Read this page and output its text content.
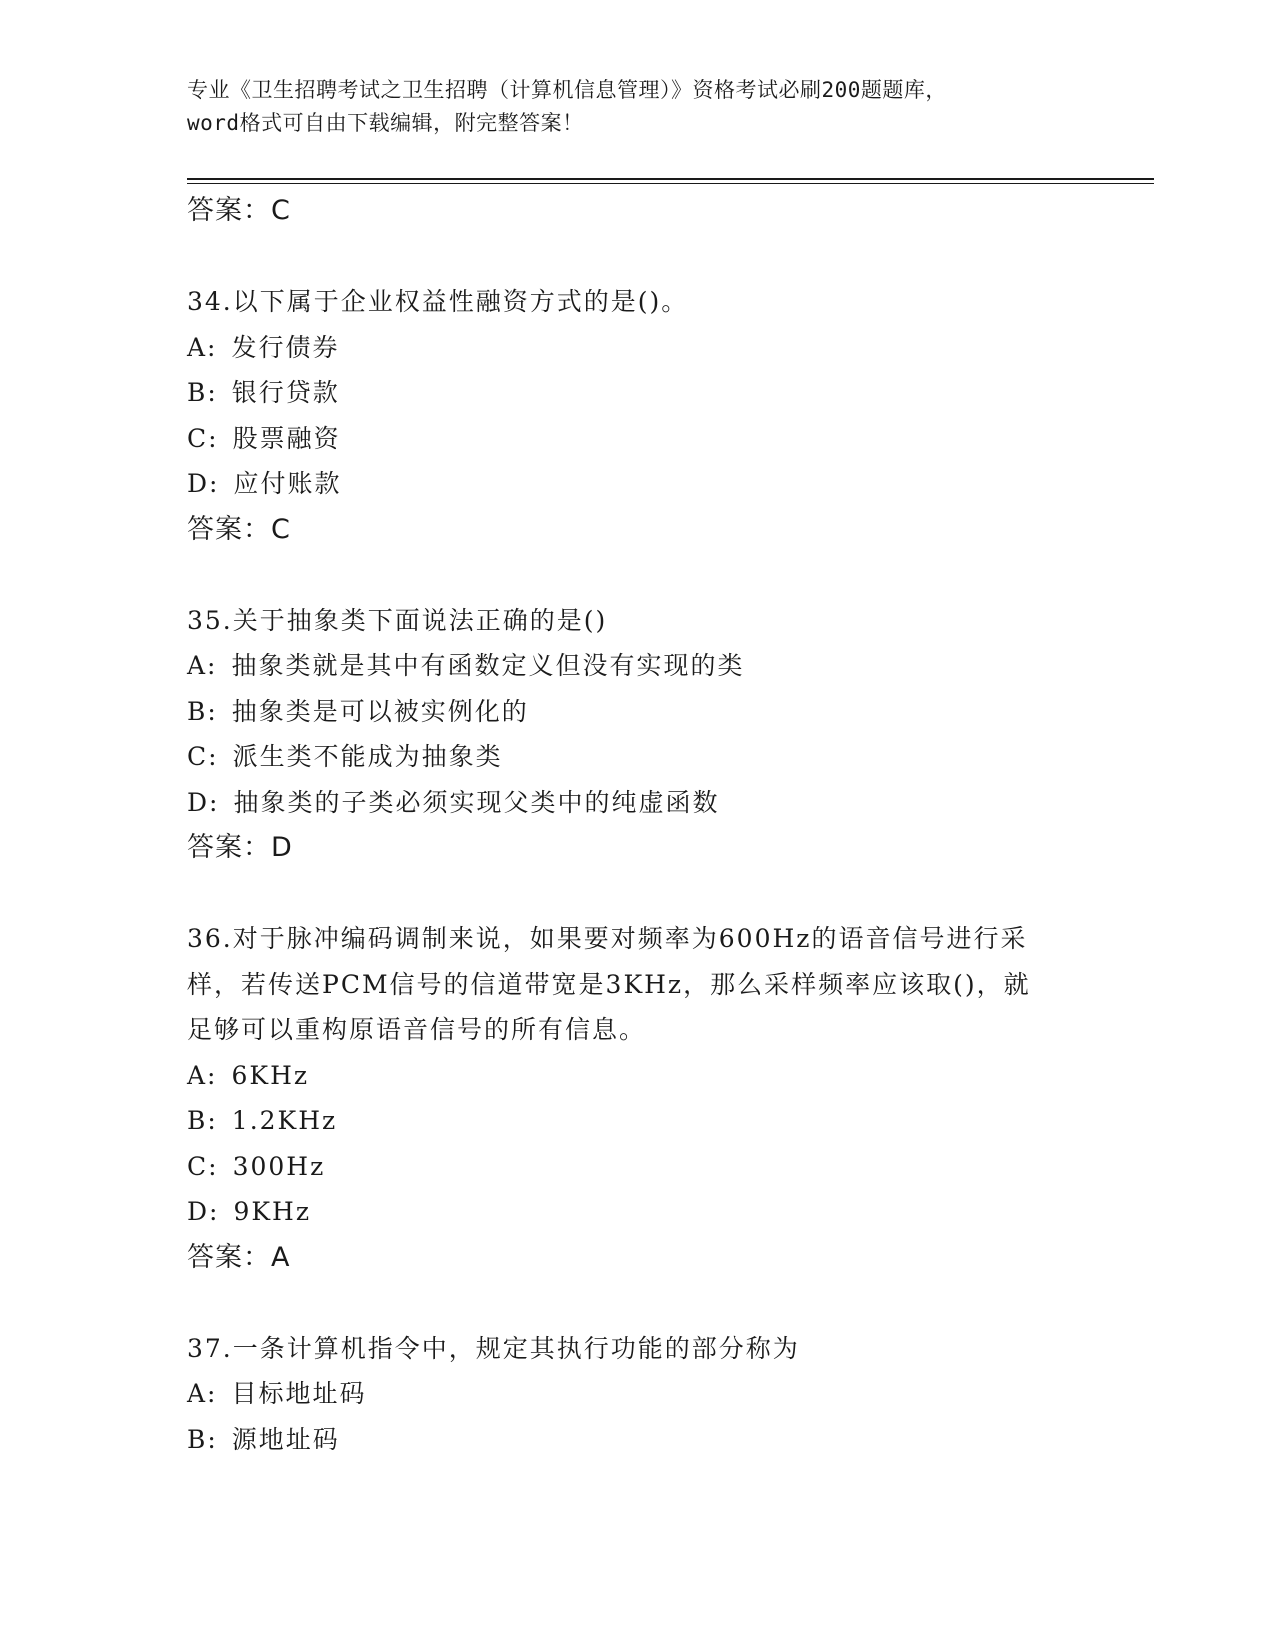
专业《卫生招聘考试之卫生招聘（计算机信息管理）》资格考试必刷200题题库，
word格式可自由下载编辑，附完整答案！
答案：C
34.以下属于企业权益性融资方式的是()。
A: 发行债券
B: 银行贷款
C: 股票融资
D: 应付账款
答案：C
35.关于抽象类下面说法正确的是()
A: 抽象类就是其中有函数定义但没有实现的类
B: 抽象类是可以被实例化的
C: 派生类不能成为抽象类
D: 抽象类的子类必须实现父类中的纯虚函数
答案：D
36.对于脉冲编码调制来说，如果要对频率为600Hz的语音信号进行采
样，若传送PCM信号的信道带宽是3KHz，那么采样频率应该取()，就
足够可以重构原语音信号的所有信息。
A: 6KHz
B: 1.2KHz
C: 300Hz
D: 9KHz
答案：A
37.一条计算机指令中，规定其执行功能的部分称为
A: 目标地址码
B: 源地址码
